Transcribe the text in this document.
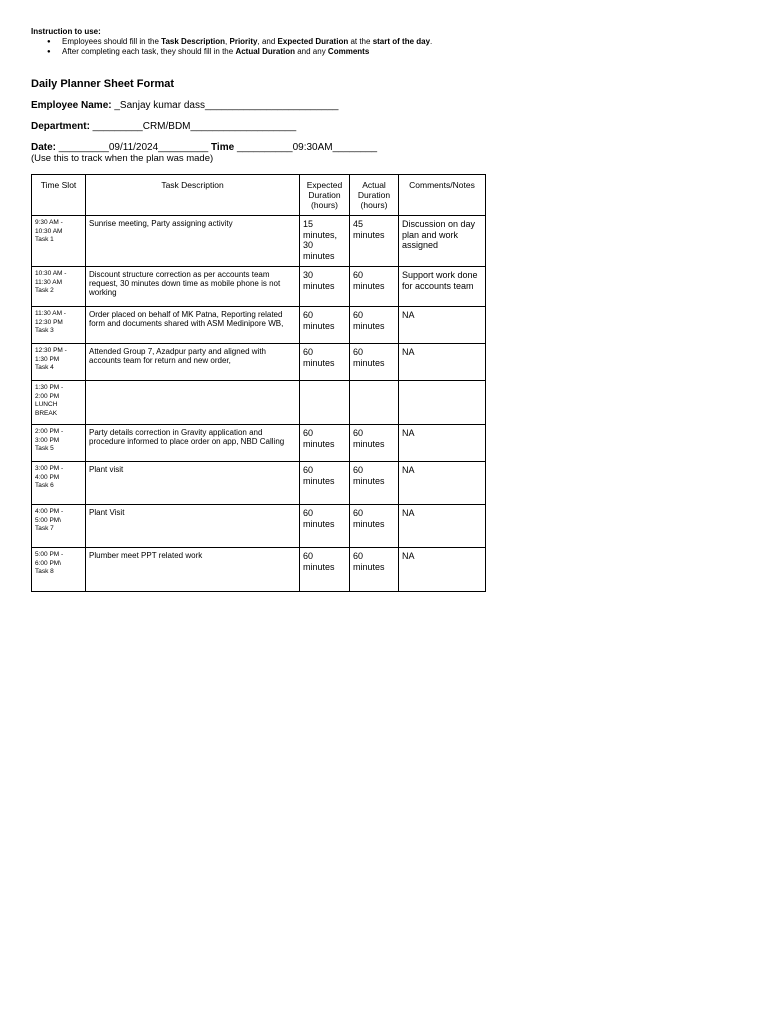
Instruction to use:
● Employees should fill in the Task Description, Priority, and Expected Duration at the start of the day.
● After completing each task, they should fill in the Actual Duration and any Comments
Daily Planner Sheet Format
Employee Name: _Sanjay kumar dass________________________
Department: _________CRM/BDM___________________
Date: _________09/11/2024_________ Time __________09:30AM________
(Use this to track when the plan was made)
Time Slot	Task Description	Expected Duration (hours)	Actual Duration (hours)	Comments/Notes

9:30 AM -
10:30 AM
Task 1	Sunrise meeting, Party assigning activity	15 minutes, 30 minutes	45 minutes	Discussion on day plan and work assigned

10:30 AM -
11:30 AM
Task 2	Discount structure correction as per accounts team request, 30 minutes down time as mobile phone is not working	30 minutes	60 minutes	Support work done for accounts team

11:30 AM -
12:30 PM
Task 3	Order placed on behalf of MK Patna, Reporting related form and documents shared with ASM Medinipore WB,	60 minutes	60 minutes	NA

12:30 PM -
1:30 PM
Task 4	Attended Group 7, Azadpur party and aligned with accounts team for return and new order,	60 minutes	60 minutes	NA

1:30 PM -
2:00 PM
LUNCH
BREAK				

2:00 PM -
3:00 PM
Task 5	Party details correction in Gravity application and procedure informed to place order on app, NBD Calling	60 minutes	60 minutes	NA

3:00 PM -
4:00 PM
Task 6	Plant visit	60 minutes	60 minutes	NA

4:00 PM -
5:00 PM\
Task 7	Plant Visit	60 minutes	60 minutes	NA

5:00 PM -
6:00 PM\
Task 8	Plumber meet PPT related work	60 minutes	60 minutes	NA
